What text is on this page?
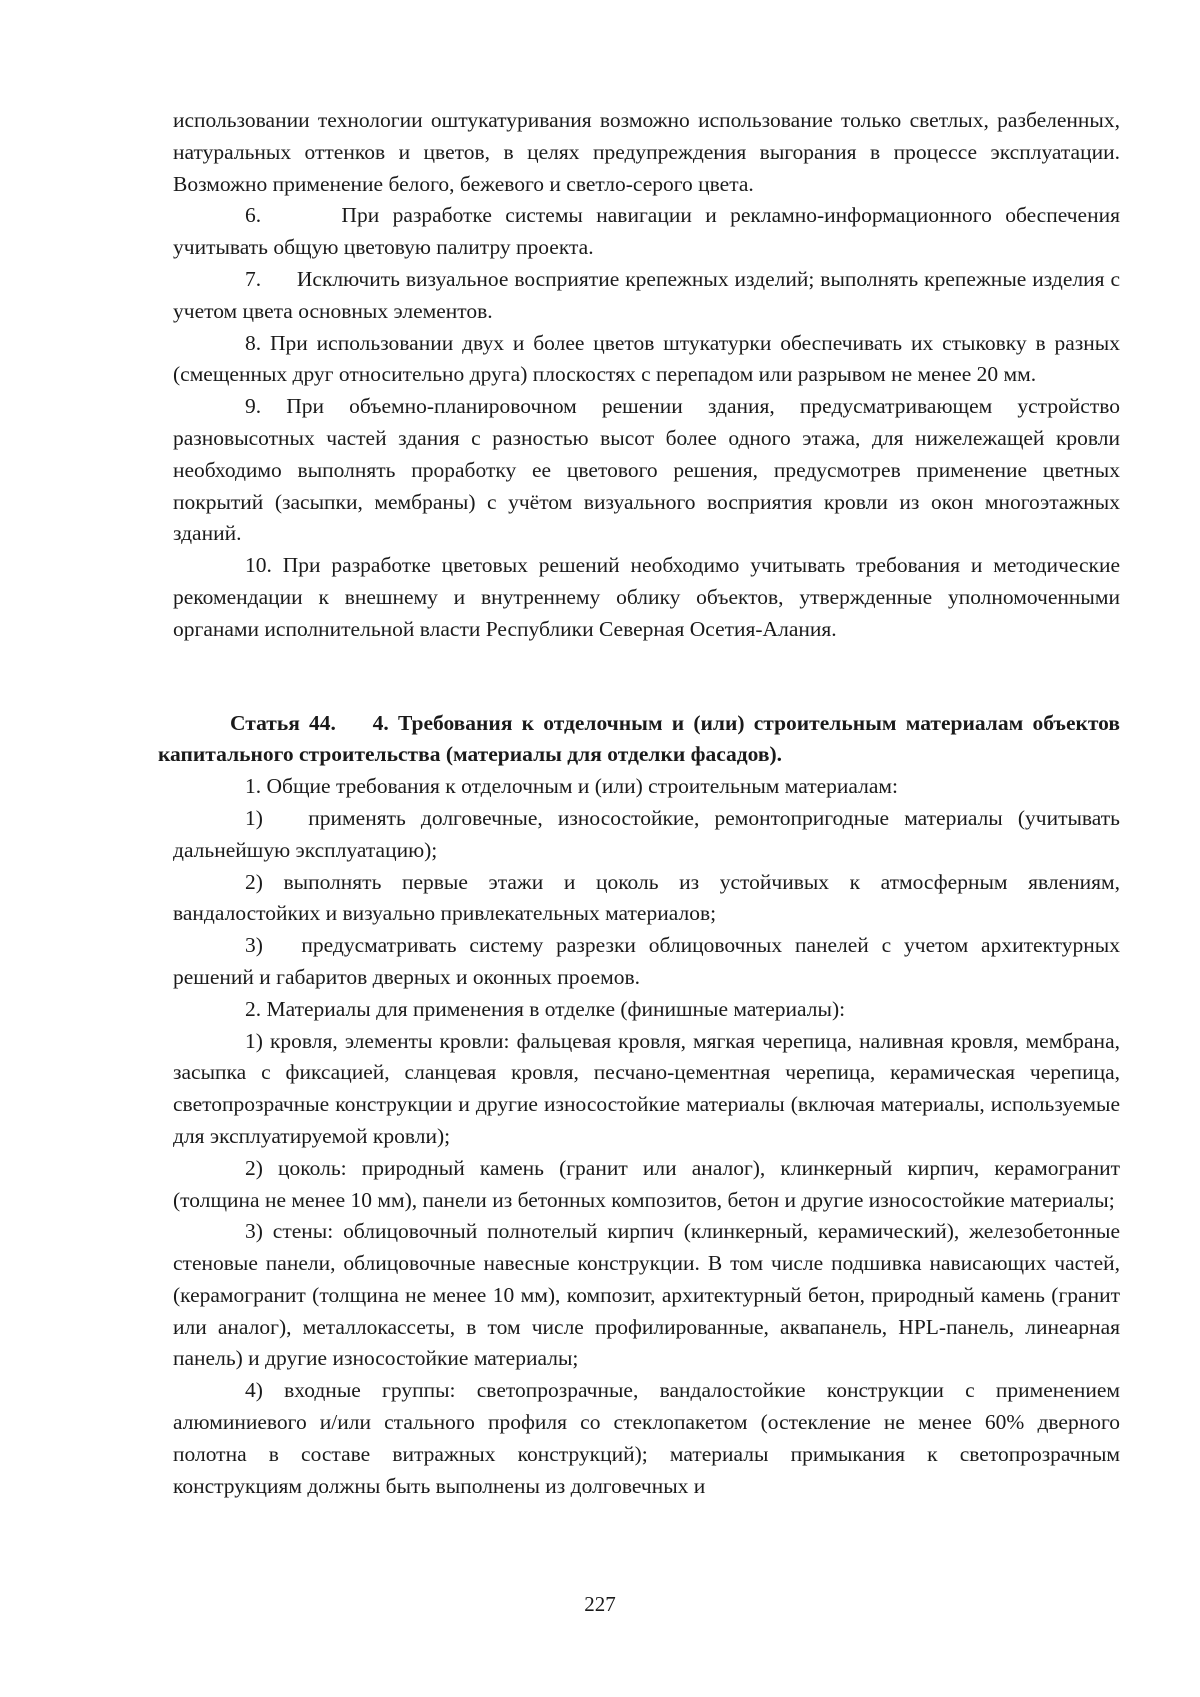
использовании технологии оштукатуривания возможно использование только светлых, разбеленных, натуральных оттенков и цветов, в целях предупреждения выгорания в процессе эксплуатации. Возможно применение белого, бежевого и светло-серого цвета.

6.      При разработке системы навигации и рекламно-информационного обеспечения учитывать общую цветовую палитру проекта.

7.      Исключить визуальное восприятие крепежных изделий; выполнять крепежные изделия с учетом цвета основных элементов.

8. При использовании двух и более цветов штукатурки обеспечивать их стыковку в разных (смещенных друг относительно друга) плоскостях с перепадом или разрывом не менее 20 мм.

9. При объемно-планировочном решении здания, предусматривающем устройство разновысотных частей здания с разностью высот более одного этажа, для нижележащей кровли необходимо выполнять проработку ее цветового решения, предусмотрев применение цветных покрытий (засыпки, мембраны) с учётом визуального восприятия кровли из окон многоэтажных зданий.

10. При разработке цветовых решений необходимо учитывать требования и методические рекомендации к внешнему и внутреннему облику объектов, утвержденные уполномоченными органами исполнительной власти Республики Северная Осетия-Алания.

Статья 44.    4. Требования к отделочным и (или) строительным материалам объектов капитального строительства (материалы для отделки фасадов).

1. Общие требования к отделочным и (или) строительным материалам:

1)   применять долговечные, износостойкие, ремонтопригодные материалы (учитывать дальнейшую эксплуатацию);

2) выполнять первые этажи и цоколь из устойчивых к атмосферным явлениям, вандалостойких и визуально привлекательных материалов;

3)   предусматривать систему разрезки облицовочных панелей с учетом архитектурных решений и габаритов дверных и оконных проемов.

2. Материалы для применения в отделке (финишные материалы):

1) кровля, элементы кровли: фальцевая кровля, мягкая черепица, наливная кровля, мембрана, засыпка с фиксацией, сланцевая кровля, песчано-цементная черепица, керамическая черепица, светопрозрачные конструкции и другие износостойкие материалы (включая материалы, используемые для эксплуатируемой кровли);

2) цоколь: природный камень (гранит или аналог), клинкерный кирпич, керамогранит (толщина не менее 10 мм), панели из бетонных композитов, бетон и другие износостойкие материалы;

3) стены: облицовочный полнотелый кирпич (клинкерный, керамический), железобетонные стеновые панели, облицовочные навесные конструкции. В том числе подшивка нависающих частей, (керамогранит (толщина не менее 10 мм), композит, архитектурный бетон, природный камень (гранит или аналог), металлокассеты, в том числе профилированные, аквапанель, HPL-панель, линеарная панель) и другие износостойкие материалы;

4) входные группы: светопрозрачные, вандалостойкие конструкции с применением алюминиевого и/или стального профиля со стеклопакетом (остекление не менее 60% дверного полотна в составе витражных конструкций); материалы примыкания к светопрозрачным конструкциям должны быть выполнены из долговечных и

227
